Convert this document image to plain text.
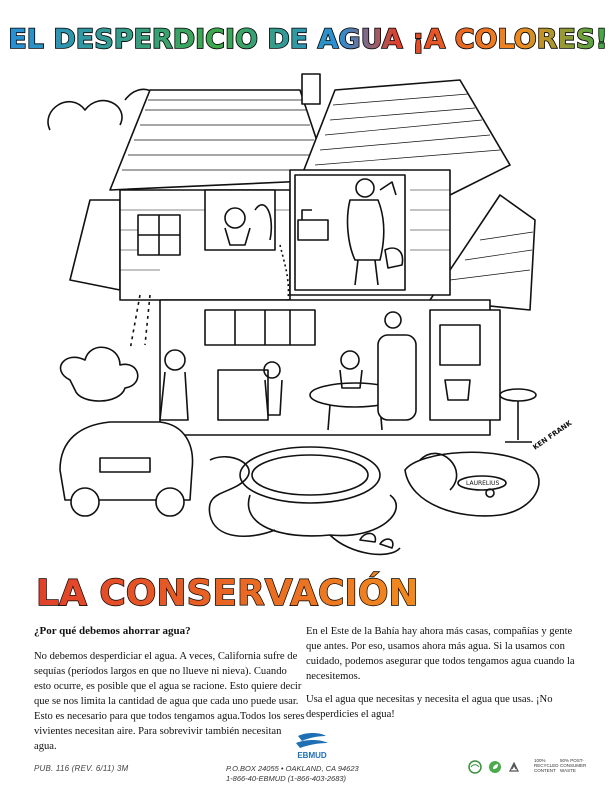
EL DESPERDICIO DE AGUA ¡A COLORES!
KEN FRANK
LAURELIUS
LA CONSERVACIÓN

¿Por qué debemos ahorrar agua?

No debemos desperdiciar el agua. A veces, California sufre de sequías (períodos largos en que no llueve ni nieva). Cuando esto ocurre, es posible que el agua se racione. Esto quiere decir que se nos limita la cantidad de agua que cada uno puede usar. Esto es necesario para que todos tengamos agua.Todos los seres vivientes necesitan aire. Para sobrevivir también necesitan agua.

En el Este de la Bahía hay ahora más casas, compañías y gente que antes. Por eso, usamos ahora más agua. Si la usamos con cuidado, podemos asegurar que todos tengamos agua cuando la necesitemos.

Usa el agua que necesitas y necesita el agua que usas. ¡No desperdicies el agua!

PUB. 116 (REV. 6/11) 3M
EBMUD
P.O.BOX 24055 • OAKLAND, CA 94623
1-866-40-EBMUD (1-866-403-2683)
100% RECYCLED CONTENT
50% POST-CONSUMER WASTE
